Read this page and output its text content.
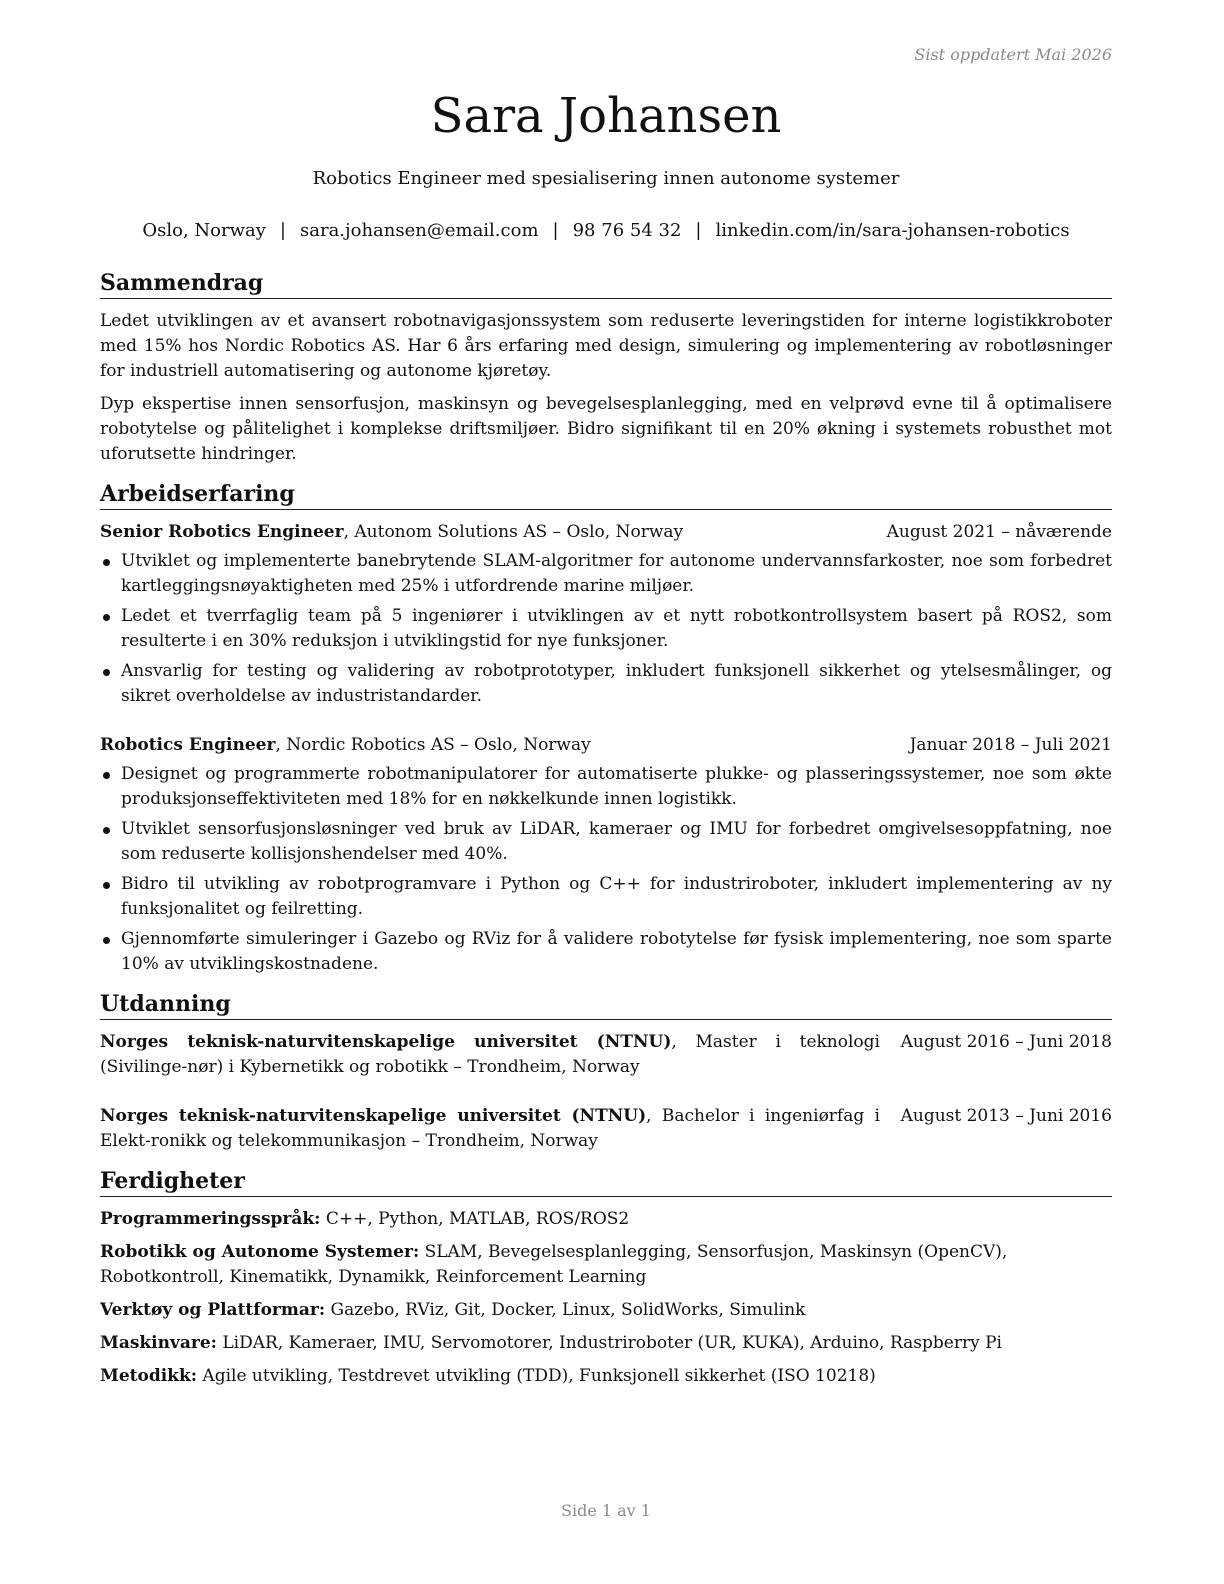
Sist oppdatert Mai 2026
Sara Johansen
Robotics Engineer med spesialisering innen autonome systemer
Oslo, Norway | sara.johansen@email.com | 98 76 54 32 | linkedin.com/in/sara-johansen-robotics
Sammendrag

Ledet utviklingen av et avansert robotnavigasjonssystem som reduserte leveringstiden for interne logistikkroboter med 15% hos Nordic Robotics AS. Har 6 års erfaring med design, simulering og implementering av robotløsninger for industriell automatisering og autonome kjøretøy.

Dyp ekspertise innen sensorfusjon, maskinsyn og bevegelsesplanlegging, med en velprøvd evne til å optimalisere robotytelse og pålitelighet i komplekse driftsmiljøer. Bidro signifikant til en 20% økning i systemets robusthet mot uforutsette hindringer.

Arbeidserfaring
Senior Robotics Engineer, Autonom Solutions AS – Oslo, Norway	August 2021 – nåværende
Utviklet og implementerte banebrytende SLAM-algoritmer for autonome undervannsfarkoster, noe som forbedret kartleggingsnøyaktigheten med 25% i utfordrende marine miljøer.
Ledet et tverrfaglig team på 5 ingeniører i utviklingen av et nytt robotkontrollsystem basert på ROS2, som resulterte i en 30% reduksjon i utviklingstid for nye funksjoner.
Ansvarlig for testing og validering av robotprototyper, inkludert funksjonell sikkerhet og ytelsesmålinger, og sikret overholdelse av industristandarder.
Robotics Engineer, Nordic Robotics AS – Oslo, Norway	Januar 2018 – Juli 2021
Designet og programmerte robotmanipulatorer for automatiserte plukke- og plasseringssystemer, noe som økte produksjonseffektiviteten med 18% for en nøkkelkunde innen logistikk.
Utviklet sensorfusjonsløsninger ved bruk av LiDAR, kameraer og IMU for forbedret omgivelsesoppfatning, noe som reduserte kollisjonshendelser med 40%.
Bidro til utvikling av robotprogramvare i Python og C++ for industriroboter, inkludert implementering av ny funksjonalitet og feilretting.
Gjennomførte simuleringer i Gazebo og RViz for å validere robotytelse før fysisk implementering, noe som sparte 10% av utviklingskostnadene.
Utdanning
Norges teknisk-naturvitenskapelige universitet (NTNU), Master i teknologi (Sivilinge-nør) i Kybernetikk og robotikk – Trondheim, Norway
August 2016 – Juni 2018
Norges teknisk-naturvitenskapelige universitet (NTNU), Bachelor i ingeniørfag i Elekt-ronikk og telekommunikasjon – Trondheim, Norway
August 2013 – Juni 2016
Ferdigheter
Programmeringsspråk: C++, Python, MATLAB, ROS/ROS2
Robotikk og Autonome Systemer: SLAM, Bevegelsesplanlegging, Sensorfusjon, Maskinsyn (OpenCV), Robotkontroll, Kinematikk, Dynamikk, Reinforcement Learning
Verktøy og Plattformar: Gazebo, RViz, Git, Docker, Linux, SolidWorks, Simulink
Maskinvare: LiDAR, Kameraer, IMU, Servomotorer, Industriroboter (UR, KUKA), Arduino, Raspberry Pi
Metodikk: Agile utvikling, Testdrevet utvikling (TDD), Funksjonell sikkerhet (ISO 10218)
Side 1 av 1
